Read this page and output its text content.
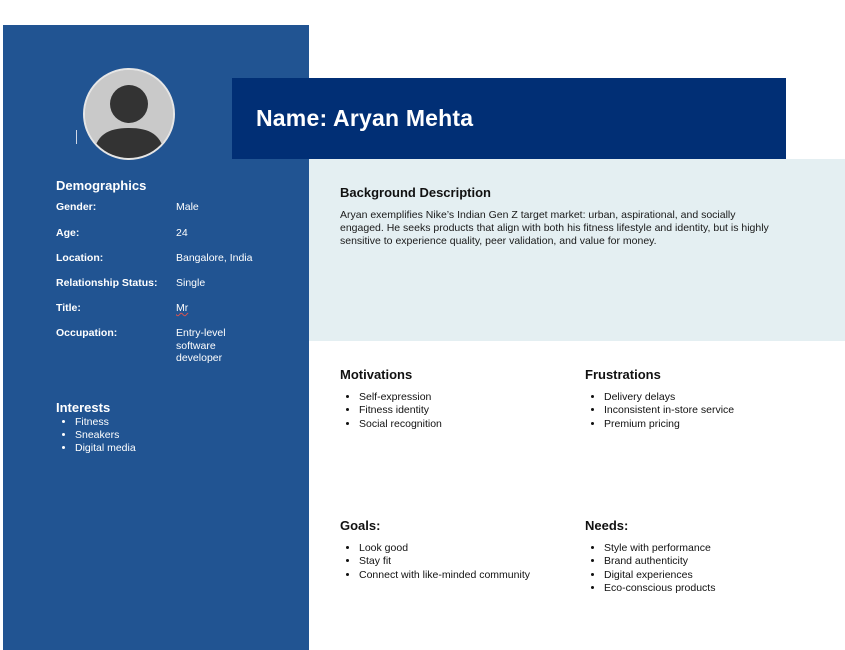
Name: Aryan Mehta
Demographics
Gender:	Male
Age:	24
Location:	Bangalore, India
Relationship Status: Single
Title:	Mr
Occupation:	Entry-level software developer
Interests
• Fitness
• Sneakers
• Digital media
Background Description
Aryan exemplifies Nike’s Indian Gen Z target market: urban, aspirational, and socially engaged. He seeks products that align with both his fitness lifestyle and identity, but is highly sensitive to experience quality, peer validation, and value for money.
Motivations
• Self-expression
• Fitness identity
• Social recognition
Frustrations
• Delivery delays
• Inconsistent in-store service
• Premium pricing
Goals:
• Look good
• Stay fit
• Connect with like-minded community
Needs:
• Style with performance
• Brand authenticity
• Digital experiences
• Eco-conscious products
